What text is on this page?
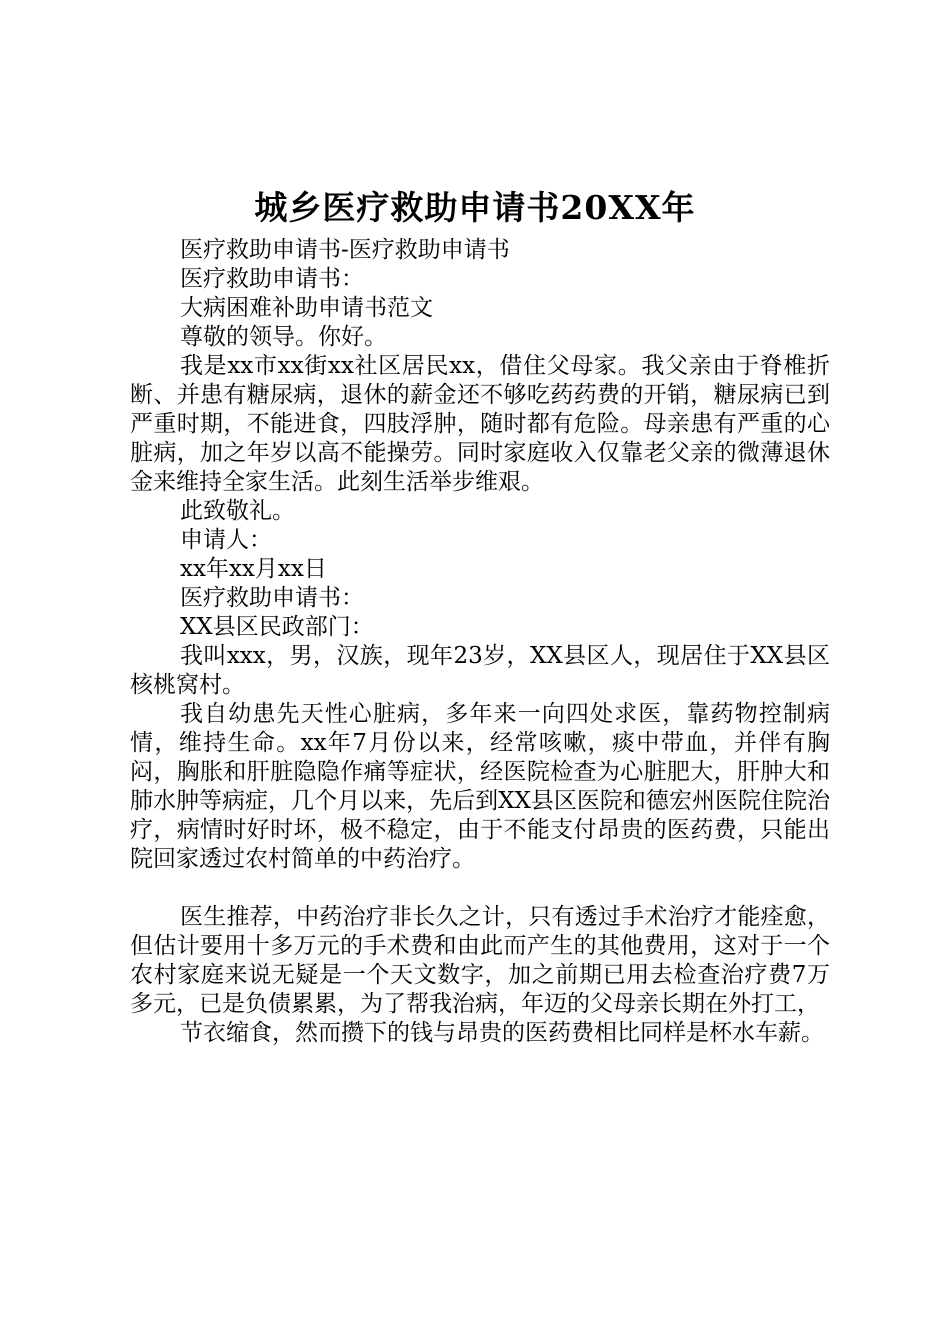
城乡医疗救助申请书20XX年

医疗救助申请书-医疗救助申请书

医疗救助申请书：

大病困难补助申请书范文

尊敬的领导。你好。

我是xx市xx街xx社区居民xx，借住父母家。我父亲由于脊椎折断、并患有糖尿病，退休的薪金还不够吃药药费的开销，糖尿病已到严重时期，不能进食，四肢浮肿，随时都有危险。母亲患有严重的心脏病，加之年岁以高不能操劳。同时家庭收入仅靠老父亲的微薄退休金来维持全家生活。此刻生活举步维艰。

此致敬礼。

申请人：

xx年xx月xx日

医疗救助申请书：

XX县区民政部门：

我叫xxx，男，汉族，现年23岁，XX县区人，现居住于XX县区核桃窝村。

我自幼患先天性心脏病，多年来一向四处求医，靠药物控制病情，维持生命。xx年7月份以来，经常咳嗽，痰中带血，并伴有胸闷，胸胀和肝脏隐隐作痛等症状，经医院检查为心脏肥大，肝肿大和肺水肿等病症，几个月以来，先后到XX县区医院和德宏州医院住院治疗，病情时好时坏，极不稳定，由于不能支付昂贵的医药费，只能出院回家透过农村简单的中药治疗。

医生推荐，中药治疗非长久之计，只有透过手术治疗才能痊愈，但估计要用十多万元的手术费和由此而产生的其他费用，这对于一个农村家庭来说无疑是一个天文数字，加之前期已用去检查治疗费7万多元，已是负债累累，为了帮我治病，年迈的父母亲长期在外打工，

节衣缩食，然而攒下的钱与昂贵的医药费相比同样是杯水车薪。
